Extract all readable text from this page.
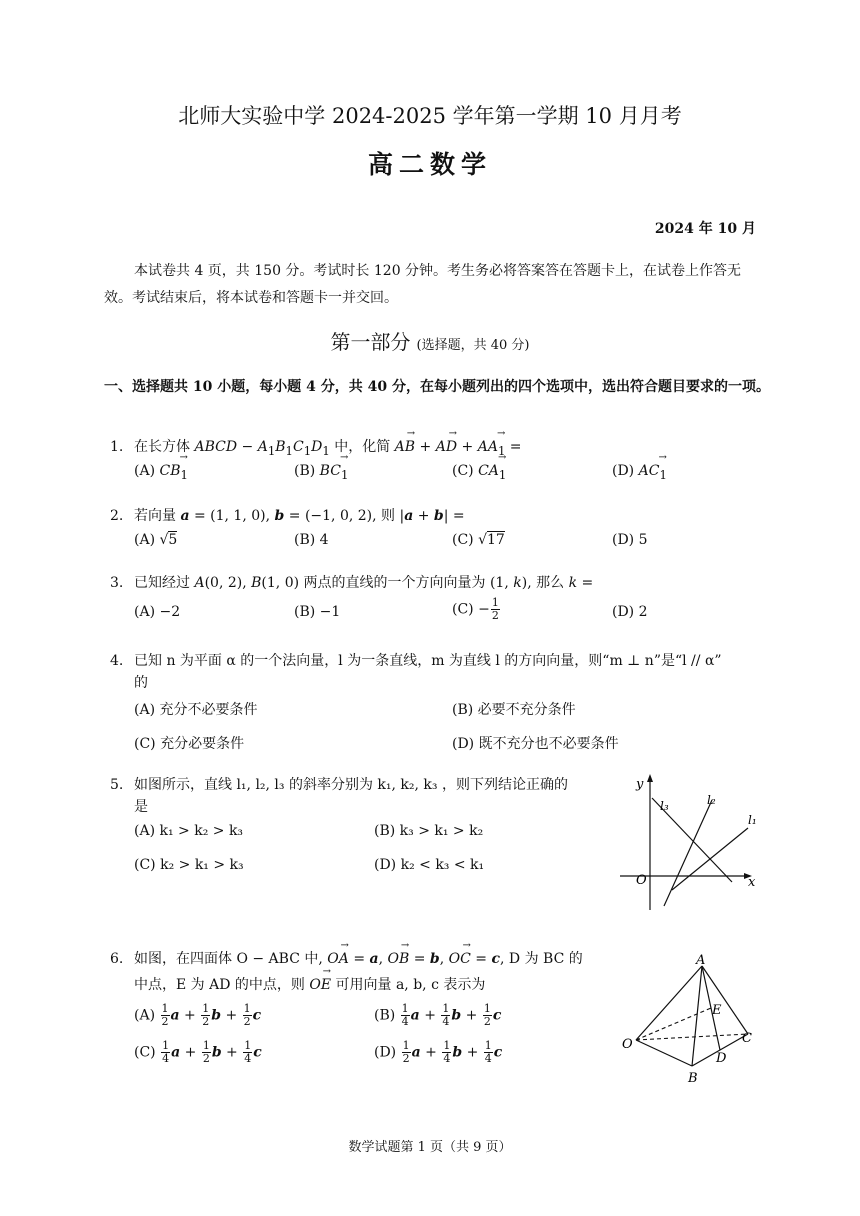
北师大实验中学 2024-2025 学年第一学期 10 月月考
高二数学
2024 年 10 月
本试卷共 4 页，共 150 分。考试时长 120 分钟。考生务必将答案答在答题卡上，在试卷上作答无效。考试结束后，将本试卷和答题卡一并交回。
第一部分 (选择题，共 40 分)
一、选择题共 10 小题，每小题 4 分，共 40 分，在每小题列出的四个选项中，选出符合题目要求的一项。
1. 在长方体 ABCD − $A_1B_1C_1D_1$ 中，化简 → AB + → AD + → $AA_1$ =
$(A) \to CB_1$	$(B) \to BC_1$	$(C) \to CA_1$	$(D) \to AC_1$
2. 若向量 a = (1, 1, 0), b = (−1, 0, 2), 则 |a + b| =
(A) √5	(B) 4	(C) √17	(D) 5
3. 已知经过 A(0, 2), B(1, 0) 两点的直线的一个方向向量为 (1, k), 那么 k =
(A) −2	(B) −1	$(C) - \frac{1}{2}$	(D) 2
4. 已知 n 为平面 α 的一个法向量，l 为一条直线，m 为直线 l 的方向向量，则“m ⊥ n”是“l // α”
的
(A) 充分不必要条件	(B) 必要不充分条件
(C) 充分必要条件	(D) 既不充分也不必要条件
5. 如图所示，直线 l₁, l₂, l₃ 的斜率分别为 k₁, k₂, k₃ ，则下列结论正确的
是
(A) k₁ > k₂ > k₃	(B) k₃ > k₁ > k₂
(C) k₂ > k₁ > k₃	(D) k₂ < k₃ < k₁
y
x
O
l₃	l₂
l₁
6. 如图，在四面体 O − ABC 中, → OA = a, → OB = b, → OC = c, D 为 BC 的
中点，E 为 AD 的中点，则 → OE 可用向量 a, b, c 表示为
$(A) \frac{1}{2}$ $a + \frac{1}{2}$ $b + \frac{1}{2}$ c	$(B) \frac{1}{4}$ $a + \frac{1}{4}$ $b + \frac{1}{2}$ c
$(C) \frac{1}{4}$ $a + \frac{1}{2}$ $b + \frac{1}{4}$ c	$(D) \frac{1}{2}$ $a + \frac{1}{4}$ $b + \frac{1}{4}$ c
A
O
B
C
D
E
数学试题第 1 页（共 9 页）
